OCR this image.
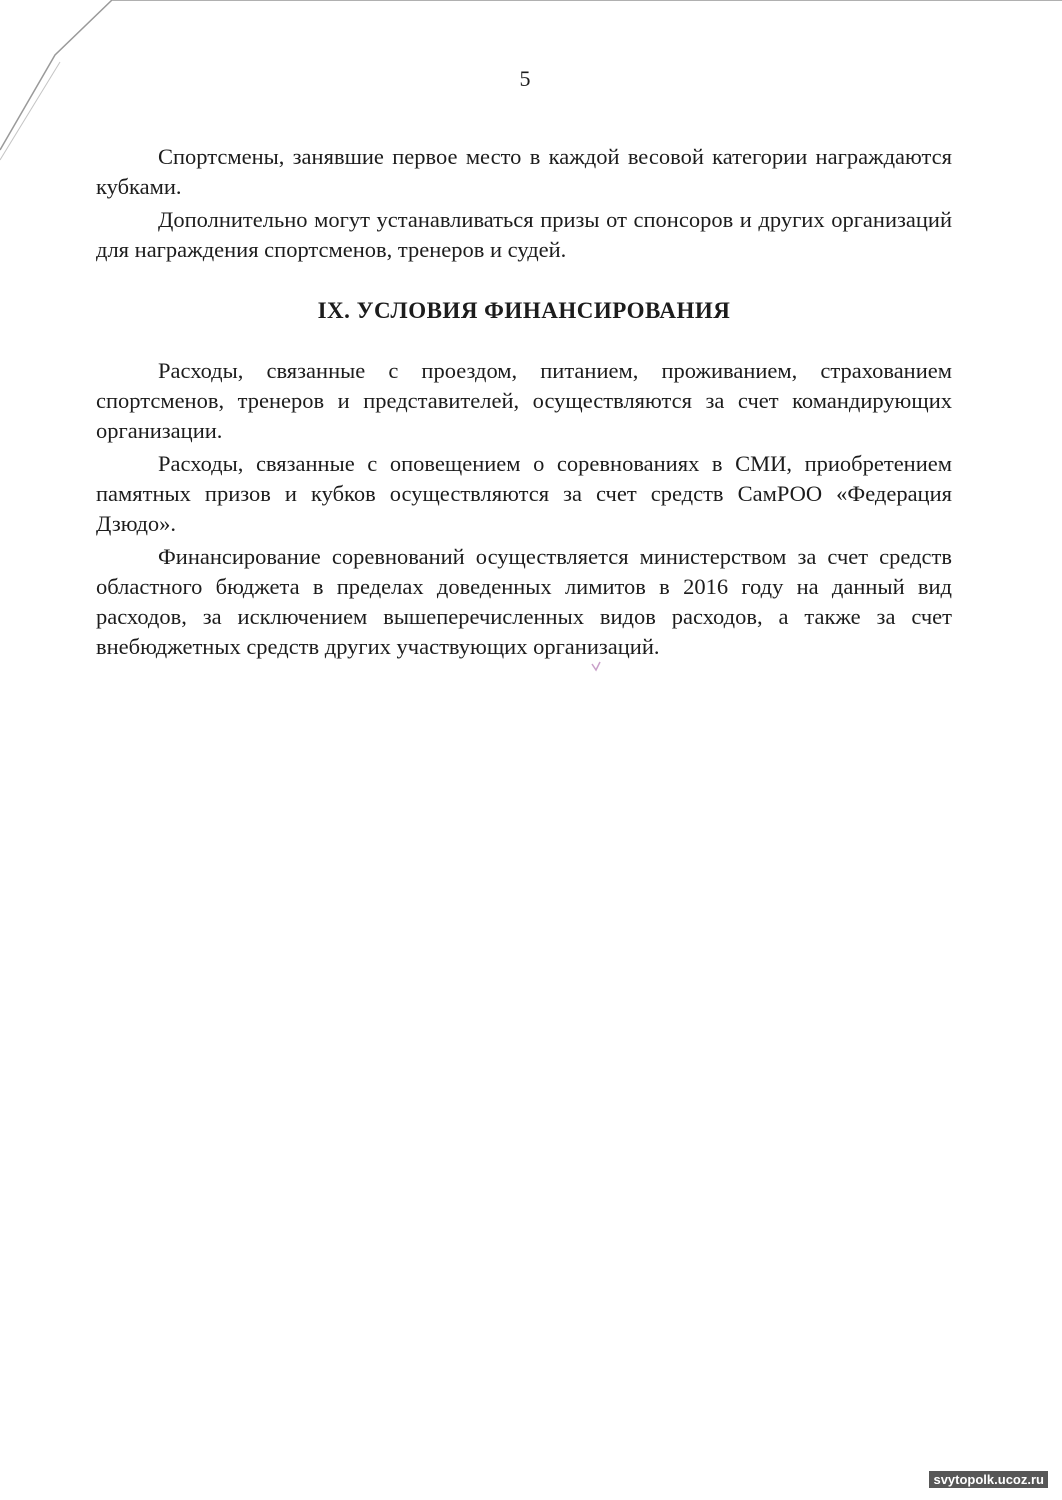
5

Спортсмены, занявшие первое место в каждой весовой категории награждаются кубками.

Дополнительно могут устанавливаться призы от спонсоров и других организаций для награждения спортсменов, тренеров и судей.

IX. УСЛОВИЯ ФИНАНСИРОВАНИЯ

Расходы, связанные с проездом, питанием, проживанием, страхованием спортсменов, тренеров и представителей, осуществляются за счет командирующих организации.

Расходы, связанные с оповещением о соревнованиях в СМИ, приобретением памятных призов и кубков осуществляются за счет средств СамРОО «Федерация Дзюдо».

Финансирование соревнований осуществляется министерством за счет средств областного бюджета в пределах доведенных лимитов в 2016 году на данный вид расходов, за исключением вышеперечисленных видов расходов, а также за счет внебюджетных средств других участвующих организаций.

svytopolk.ucoz.ru
